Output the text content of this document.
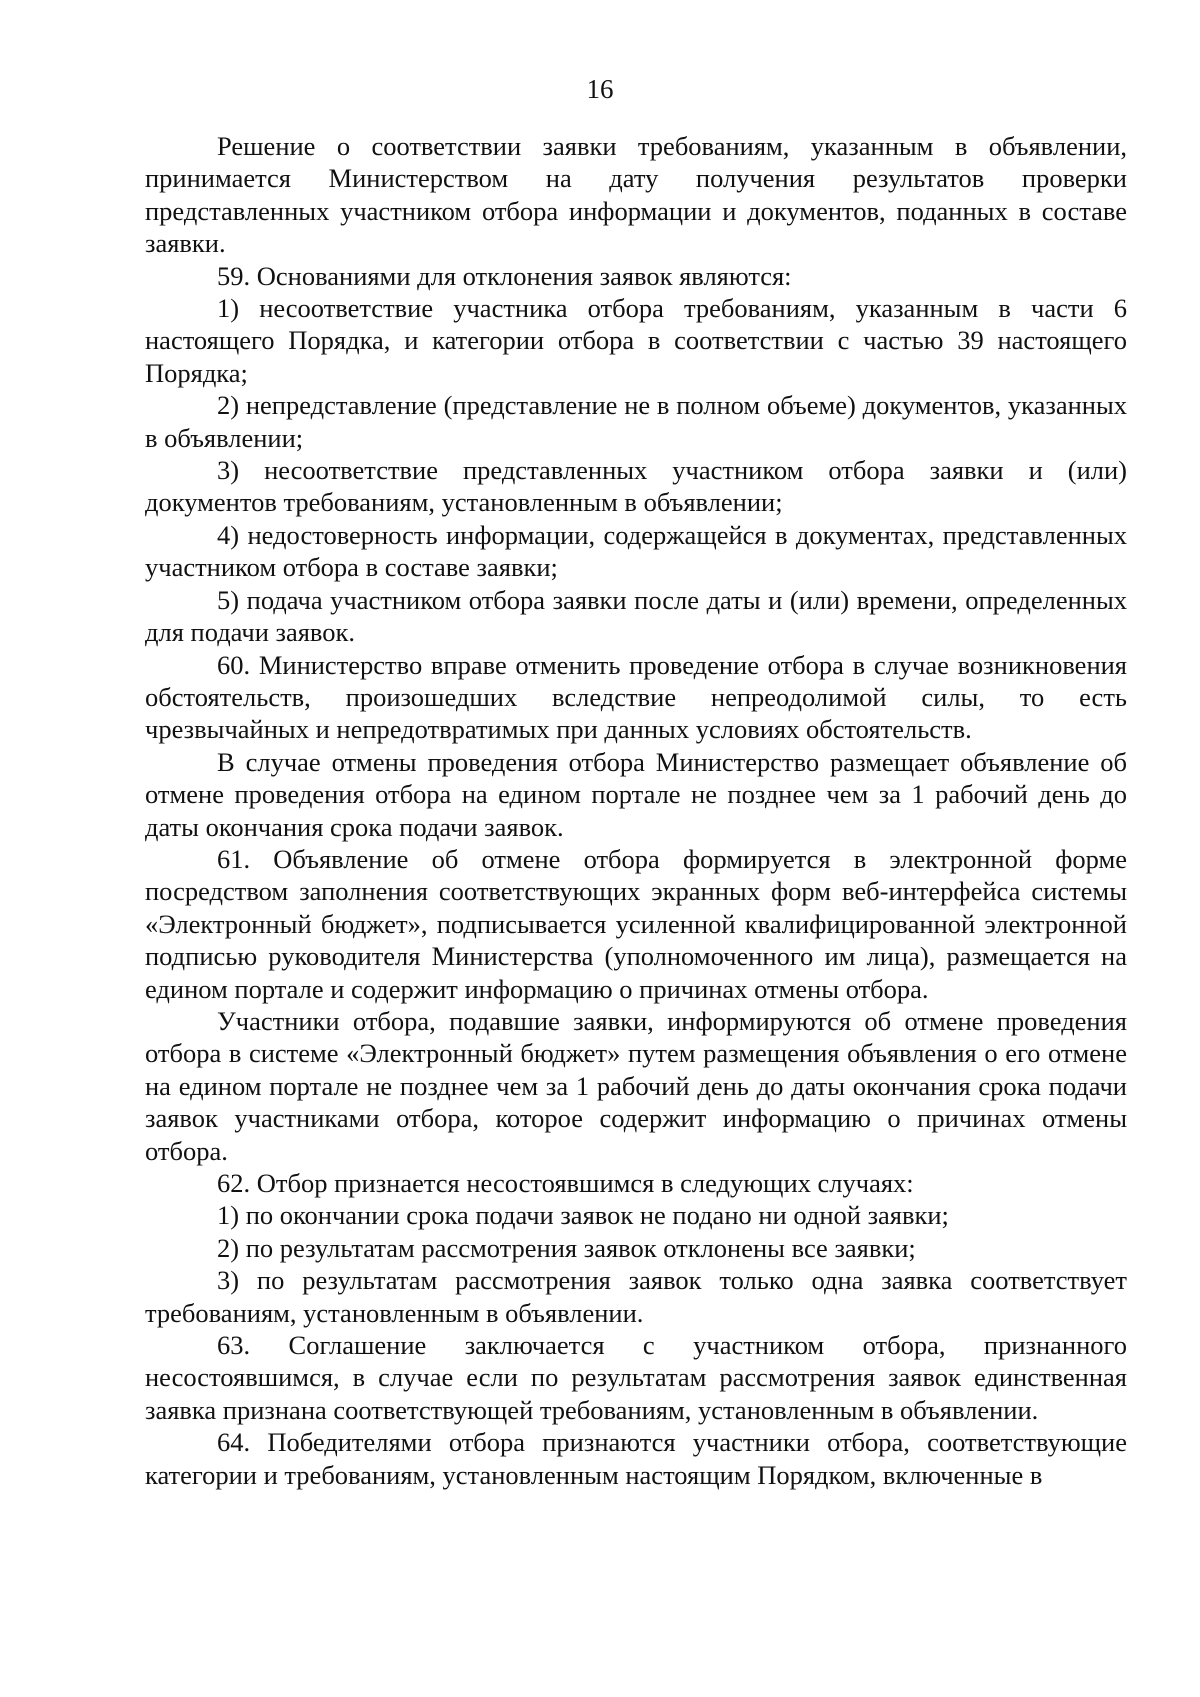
16

Решение о соответствии заявки требованиям, указанным в объявлении, принимается Министерством на дату получения результатов проверки представленных участником отбора информации и документов, поданных в составе заявки.

59. Основаниями для отклонения заявок являются:

1) несоответствие участника отбора требованиям, указанным в части 6 настоящего Порядка, и категории отбора в соответствии с частью 39 настоящего Порядка;

2) непредставление (представление не в полном объеме) документов, указанных в объявлении;

3) несоответствие представленных участником отбора заявки и (или) документов требованиям, установленным в объявлении;

4) недостоверность информации, содержащейся в документах, представленных участником отбора в составе заявки;

5) подача участником отбора заявки после даты и (или) времени, определенных для подачи заявок.

60. Министерство вправе отменить проведение отбора в случае возникновения обстоятельств, произошедших вследствие непреодолимой силы, то есть чрезвычайных и непредотвратимых при данных условиях обстоятельств.

В случае отмены проведения отбора Министерство размещает объявление об отмене проведения отбора на едином портале не позднее чем за 1 рабочий день до даты окончания срока подачи заявок.

61. Объявление об отмене отбора формируется в электронной форме посредством заполнения соответствующих экранных форм веб-интерфейса системы «Электронный бюджет», подписывается усиленной квалифицированной электронной подписью руководителя Министерства (уполномоченного им лица), размещается на едином портале и содержит информацию о причинах отмены отбора.

Участники отбора, подавшие заявки, информируются об отмене проведения отбора в системе «Электронный бюджет» путем размещения объявления о его отмене на едином портале не позднее чем за 1 рабочий день до даты окончания срока подачи заявок участниками отбора, которое содержит информацию о причинах отмены отбора.

62. Отбор признается несостоявшимся в следующих случаях:

1) по окончании срока подачи заявок не подано ни одной заявки;

2) по результатам рассмотрения заявок отклонены все заявки;

3) по результатам рассмотрения заявок только одна заявка соответствует требованиям, установленным в объявлении.

63. Соглашение заключается с участником отбора, признанного несостоявшимся, в случае если по результатам рассмотрения заявок единственная заявка признана соответствующей требованиям, установленным в объявлении.

64. Победителями отбора признаются участники отбора, соответствующие категории и требованиям, установленным настоящим Порядком, включенные в
